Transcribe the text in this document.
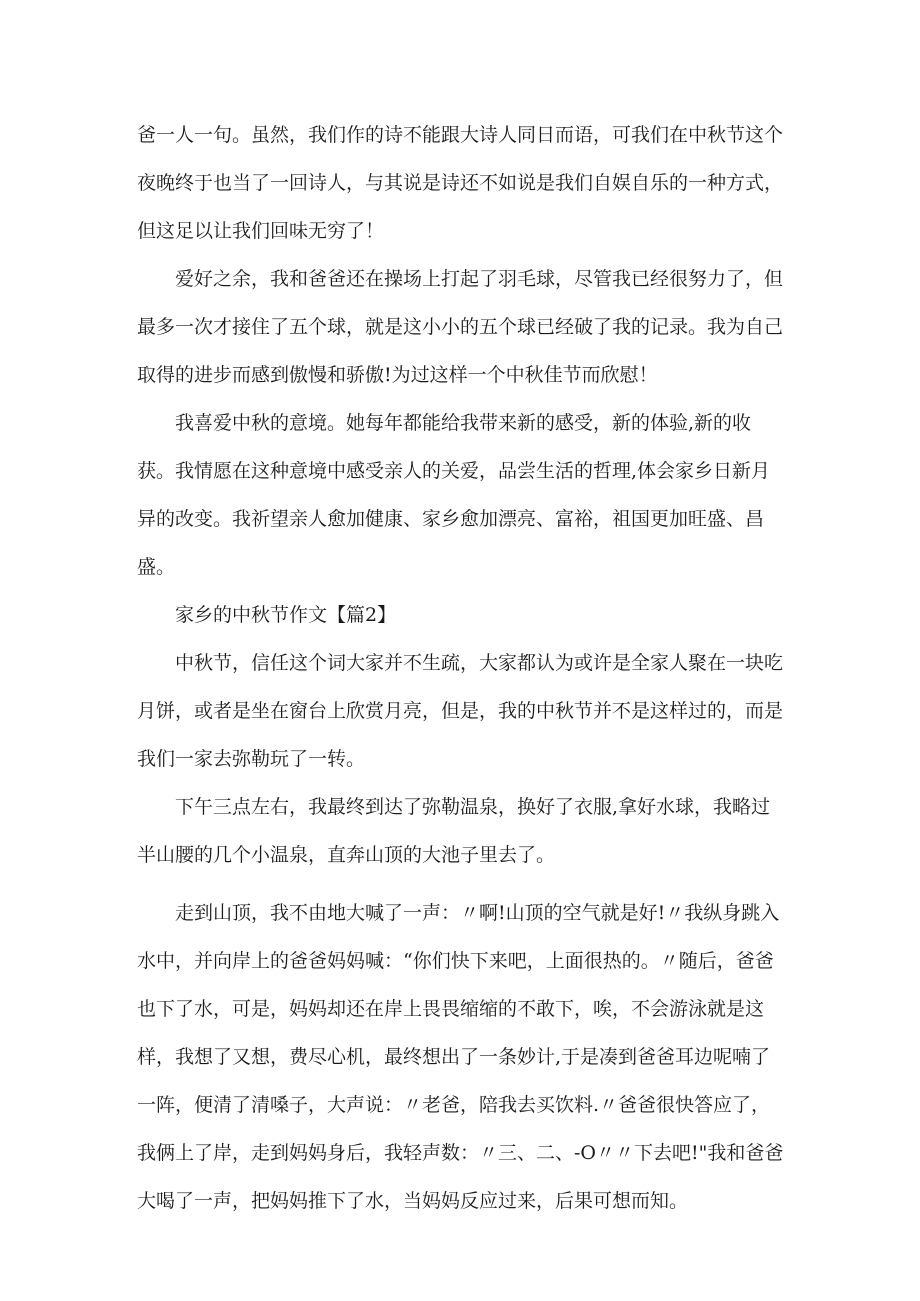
爸一人一句。虽然，我们作的诗不能跟大诗人同日而语，可我们在中秋节这个夜晚终于也当了一回诗人，与其说是诗还不如说是我们自娱自乐的一种方式，但这足以让我们回味无穷了！

爱好之余，我和爸爸还在操场上打起了羽毛球，尽管我已经很努力了，但最多一次才接住了五个球，就是这小小的五个球已经破了我的记录。我为自己取得的进步而感到傲慢和骄傲!为过这样一个中秋佳节而欣慰！

我喜爱中秋的意境。她每年都能给我带来新的感受，新的体验,新的收获。我情愿在这种意境中感受亲人的关爱，品尝生活的哲理,体会家乡日新月异的改变。我祈望亲人愈加健康、家乡愈加漂亮、富裕，祖国更加旺盛、昌盛。

家乡的中秋节作文【篇2】

中秋节，信任这个词大家并不生疏，大家都认为或许是全家人聚在一块吃月饼，或者是坐在窗台上欣赏月亮，但是，我的中秋节并不是这样过的，而是我们一家去弥勒玩了一转。

下午三点左右，我最终到达了弥勒温泉，换好了衣服,拿好水球，我略过半山腰的几个小温泉，直奔山顶的大池子里去了。

走到山顶，我不由地大喊了一声：〃啊!山顶的空气就是好!〃我纵身跳入水中，并向岸上的爸爸妈妈喊：“你们快下来吧，上面很热的。〃随后，爸爸也下了水，可是，妈妈却还在岸上畏畏缩缩的不敢下，唉，不会游泳就是这样，我想了又想，费尽心机，最终想出了一条妙计,于是凑到爸爸耳边呢喃了一阵，便清了清嗓子，大声说：〃老爸，陪我去买饮料.〃爸爸很快答应了，我俩上了岸，走到妈妈身后，我轻声数：〃三、二、-O〃〃下去吧!"我和爸爸大喝了一声，把妈妈推下了水，当妈妈反应过来，后果可想而知。
